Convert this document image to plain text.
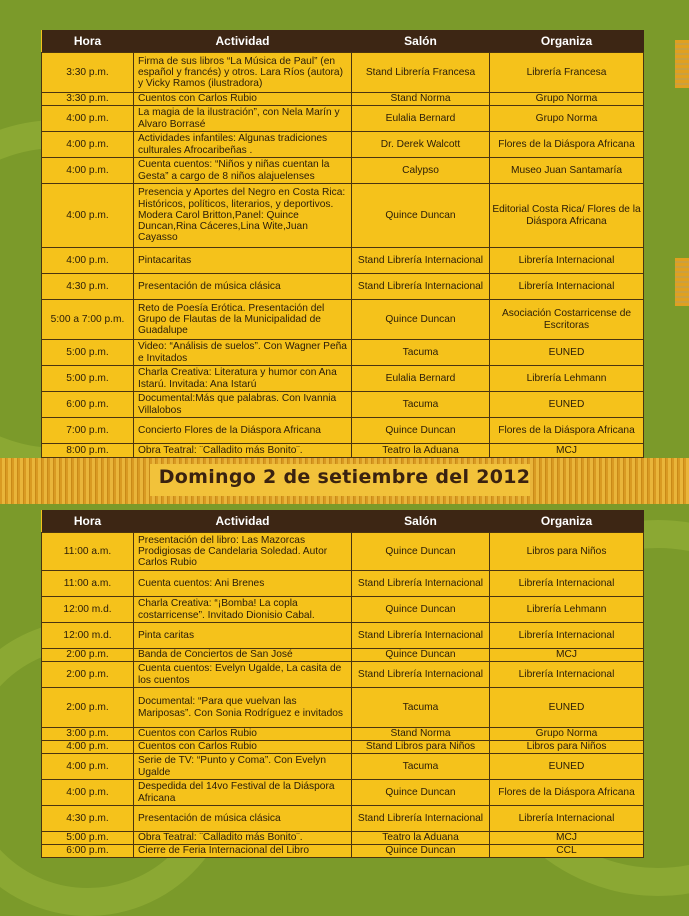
Hora	Actividad	Salón	Organiza
3:30 p.m.	Firma de sus libros “La Música de Paul” (en español y francés) y otros. Lara Ríos (autora) y Vicky Ramos (ilustradora)	Stand Librería Francesa	Librería Francesa
3:30 p.m.	Cuentos con Carlos Rubio	Stand Norma	Grupo Norma
4:00 p.m.	La magia de la ilustración”, con Nela Marín y Alvaro Borrasé	Eulalia Bernard	Grupo Norma
4:00 p.m.	Actividades infantiles: Algunas tradiciones culturales Afrocaribeñas .	Dr. Derek Walcott	Flores de la Diáspora Africana
4:00 p.m.	Cuenta cuentos: “Niños y niñas cuentan la Gesta” a cargo de 8 niños alajuelenses	Calypso	Museo Juan Santamaría
4:00 p.m.	Presencia y Aportes del Negro en Costa Rica: Históricos, políticos, literarios, y deportivos. Modera Carol Britton,Panel: Quince Duncan,Rina Cáceres,Lina Wite,Juan Cayasso	Quince Duncan	Editorial Costa Rica/ Flores de la Diáspora Africana
4:00 p.m.	Pintacaritas	Stand Librería Internacional	Librería Internacional
4:30 p.m.	Presentación de música clásica	Stand Librería Internacional	Librería Internacional
5:00 a 7:00 p.m.	Reto de Poesía Erótica. Presentación del Grupo de Flautas de la Municipalidad de Guadalupe	Quince Duncan	Asociación Costarricense de Escritoras
5:00 p.m.	Video: “Análisis de suelos”. Con Wagner Peña e Invitados	Tacuma	EUNED
5:00 p.m.	Charla Creativa: Literatura y humor con Ana Istarú. Invitada: Ana Istarú	Eulalia Bernard	Librería Lehmann
6:00 p.m.	Documental:Más que palabras. Con Ivannia Villalobos	Tacuma	EUNED
7:00 p.m.	Concierto Flores de la Diáspora Africana	Quince Duncan	Flores de la Diáspora Africana
8:00 p.m.	Obra Teatral: ¨Calladito más Bonito¨.	Teatro la Aduana	MCJ
Domingo 2 de setiembre del 2012
Hora	Actividad	Salón	Organiza
11:00 a.m.	Presentación del libro: Las Mazorcas Prodigiosas de Candelaria Soledad. Autor Carlos Rubio	Quince Duncan	Libros para Niños
11:00 a.m.	Cuenta cuentos: Ani Brenes	Stand Librería Internacional	Librería Internacional
12:00 m.d.	Charla Creativa: “¡Bomba! La copla costarricense”. Invitado Dionisio Cabal.	Quince Duncan	Librería Lehmann
12:00 m.d.	Pinta caritas	Stand Librería Internacional	Librería Internacional
2:00 p.m.	Banda de Conciertos de San José	Quince Duncan	MCJ
2:00 p.m.	Cuenta cuentos: Evelyn Ugalde, La casita de los cuentos	Stand Librería Internacional	Librería Internacional
2:00 p.m.	Documental: “Para que vuelvan las Mariposas”. Con Sonia Rodríguez e invitados	Tacuma	EUNED
3:00 p.m.	Cuentos con Carlos Rubio	Stand Norma	Grupo Norma
4:00 p.m.	Cuentos con Carlos Rubio	Stand Libros para Niños	Libros para Niños
4:00 p.m.	Serie de TV: “Punto y Coma”. Con Evelyn Ugalde	Tacuma	EUNED
4:00 p.m.	Despedida del 14vo Festival de la Diáspora Africana	Quince Duncan	Flores de la Diáspora Africana
4:30 p.m.	Presentación de música clásica	Stand Librería Internacional	Librería Internacional
5:00 p.m.	Obra Teatral: ¨Calladito más Bonito¨.	Teatro la Aduana	MCJ
6:00 p.m.	Cierre de Feria Internacional del Libro	Quince Duncan	CCL
